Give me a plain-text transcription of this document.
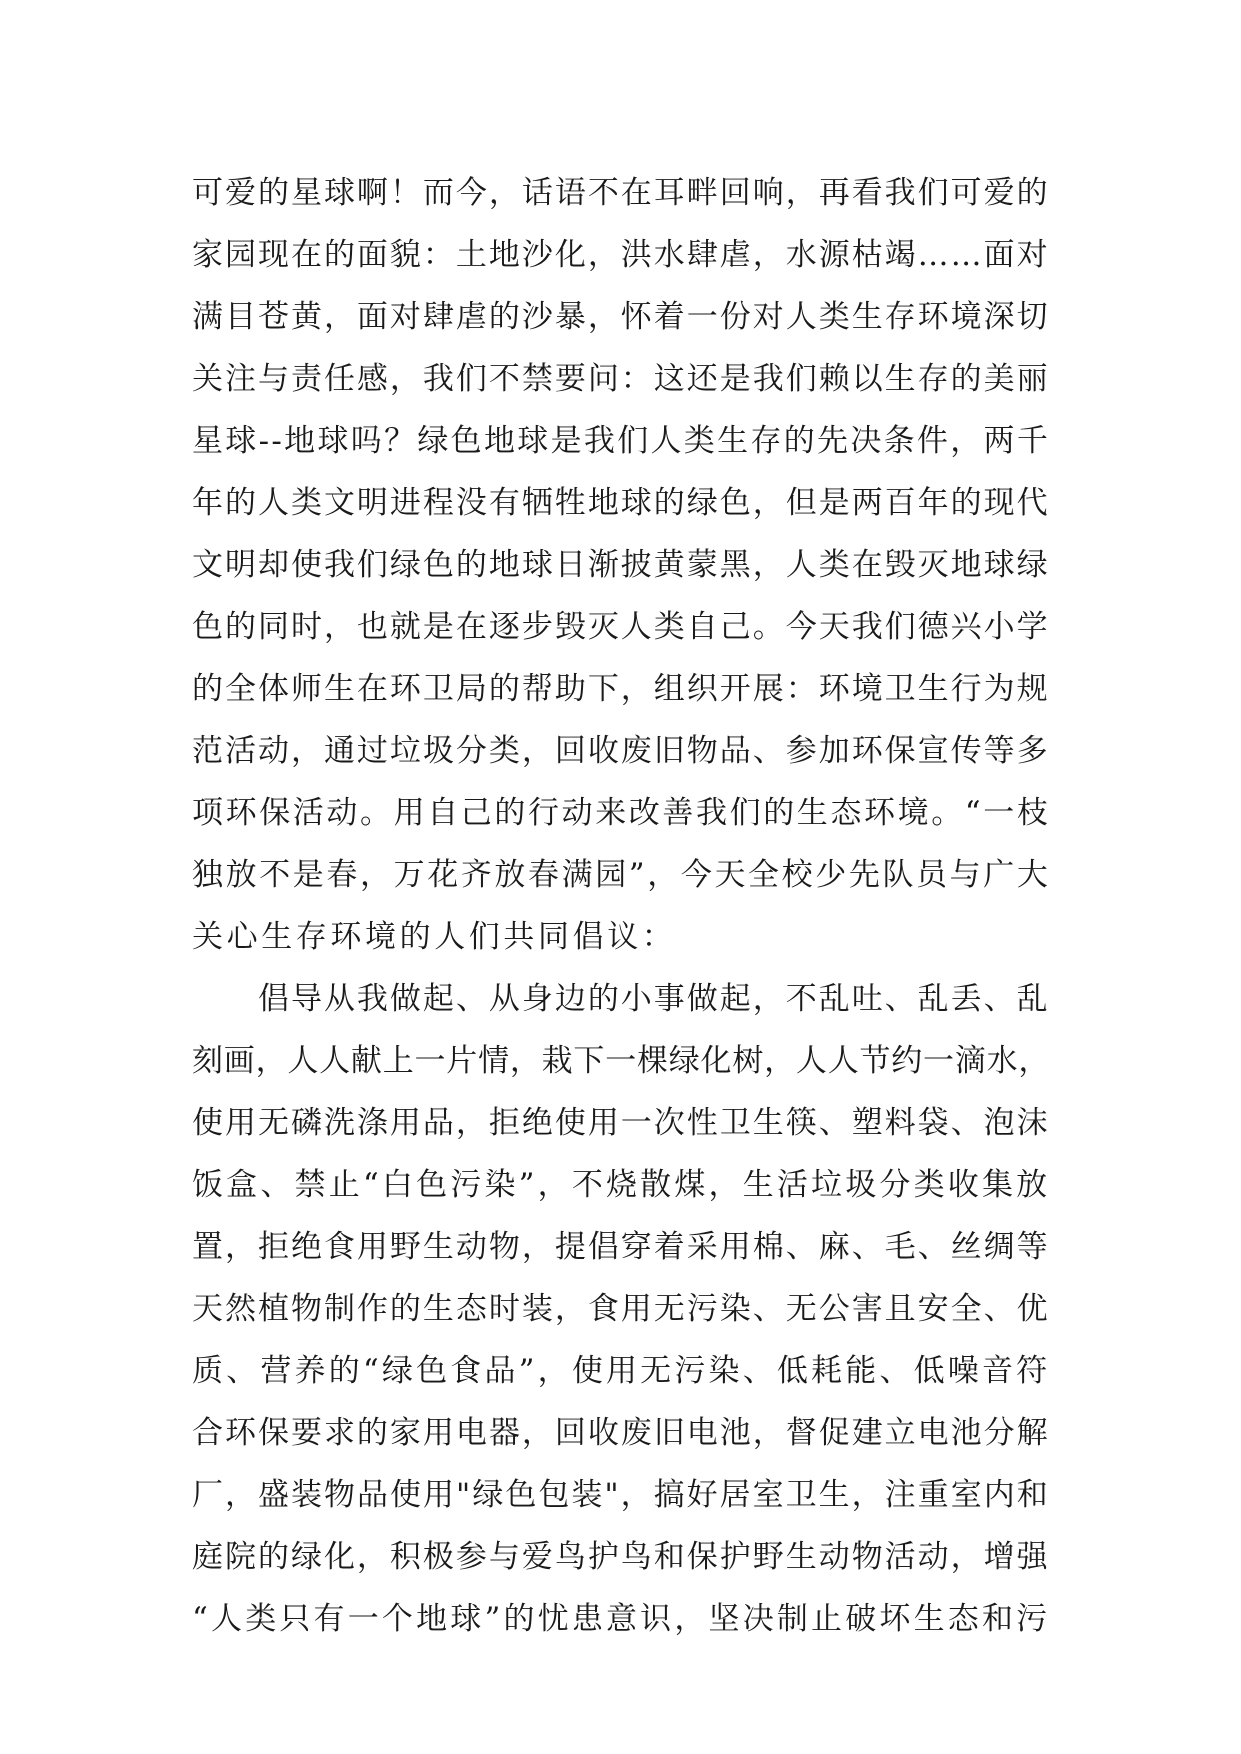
可爱的星球啊！而今，话语不在耳畔回响，再看我们可爱的
家园现在的面貌：土地沙化，洪水肆虐，水源枯竭……面对
满目苍黄，面对肆虐的沙暴，怀着一份对人类生存环境深切
关注与责任感，我们不禁要问：这还是我们赖以生存的美丽
星球--地球吗？绿色地球是我们人类生存的先决条件，两千
年的人类文明进程没有牺牲地球的绿色，但是两百年的现代
文明却使我们绿色的地球日渐披黄蒙黑，人类在毁灭地球绿
色的同时，也就是在逐步毁灭人类自己。今天我们德兴小学
的全体师生在环卫局的帮助下，组织开展：环境卫生行为规
范活动，通过垃圾分类，回收废旧物品、参加环保宣传等多
项环保活动。用自己的行动来改善我们的生态环境。“一枝
独放不是春，万花齐放春满园”，今天全校少先队员与广大
关心生存环境的人们共同倡议：
　　倡导从我做起、从身边的小事做起，不乱吐、乱丢、乱
刻画，人人献上一片情，栽下一棵绿化树，人人节约一滴水，
使用无磷洗涤用品，拒绝使用一次性卫生筷、塑料袋、泡沫
饭盒、禁止“白色污染”，不烧散煤，生活垃圾分类收集放
置，拒绝食用野生动物，提倡穿着采用棉、麻、毛、丝绸等
天然植物制作的生态时装，食用无污染、无公害且安全、优
质、营养的“绿色食品”，使用无污染、低耗能、低噪音符
合环保要求的家用电器，回收废旧电池，督促建立电池分解
厂，盛装物品使用"绿色包装"，搞好居室卫生，注重室内和
庭院的绿化，积极参与爱鸟护鸟和保护野生动物活动，增强
“人类只有一个地球”的忧患意识，坚决制止破坏生态和污
